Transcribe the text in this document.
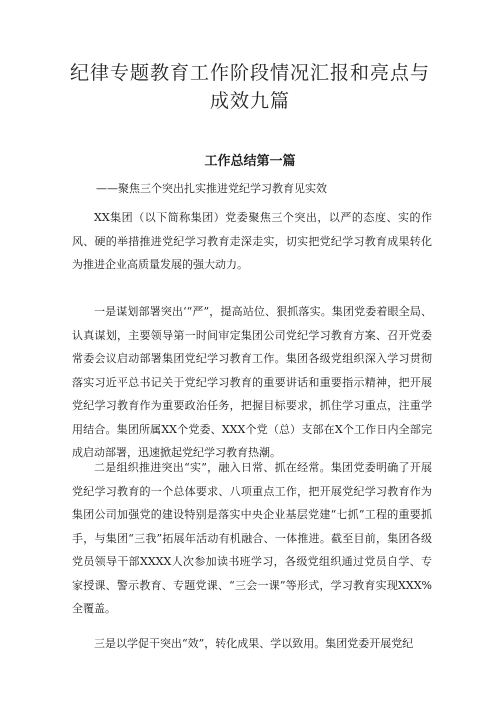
纪律专题教育工作阶段情况汇报和亮点与
成效九篇
工作总结第一篇
——聚焦三个突出扎实推进党纪学习教育见实效

XX集团（以下简称集团）党委聚焦三个突出，以严的态度、实的作风、硬的举措推进党纪学习教育走深走实，切实把党纪学习教育成果转化为推进企业高质量发展的强大动力。

一是谋划部署突出‘“严”，提高站位、狠抓落实。集团党委着眼全局、认真谋划，主要领导第一时间审定集团公司党纪学习教育方案、召开党委常委会议启动部署集团党纪学习教育工作。集团各级党组织深入学习贯彻落实习近平总书记关于党纪学习教育的重要讲话和重要指示精神，把开展党纪学习教育作为重要政治任务，把握目标要求，抓住学习重点，注重学用结合。集团所属XX个党委、XXX个党（总）支部在X个工作日内全部完成启动部署，迅速掀起党纪学习教育热潮。

二是组织推进突出“实”，融入日常、抓在经常。集团党委明确了开展党纪学习教育的一个总体要求、八项重点工作，把开展党纪学习教育作为集团公司加强党的建设特别是落实中央企业基层党建“七抓”工程的重要抓手，与集团“三我”拓展年活动有机融合、一体推进。截至目前，集团各级党员领导干部XXXX人次参加读书班学习，各级党组织通过党员自学、专家授课、警示教育、专题党课、“三会一课”等形式，学习教育实现XXX%全覆盖。

三是以学促干突出“效”，转化成果、学以致用。集团党委开展党纪
